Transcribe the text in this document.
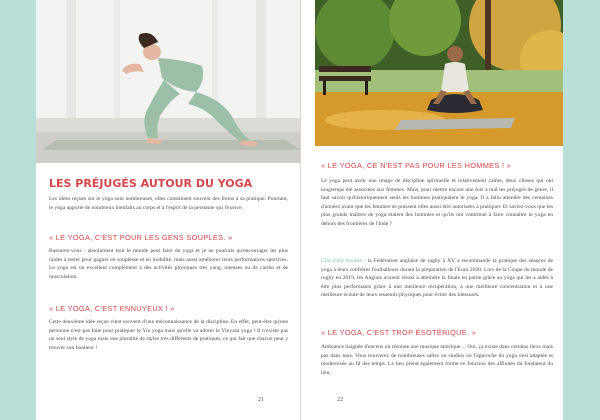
LES PRÉJUGÉS AUTOUR DU YOGA

Les idées reçues sur le yoga sont nombreuses, elles constituent souvent des freins à sa pratique. Pourtant, le yoga apporte de nombreux bienfaits au corps et à l'esprit de la personne qui l'exerce.

« LE YOGA, C'EST POUR LES GENS SOUPLES. »

Rassurez-vous : absolument tout le monde peut faire du yoga et je ne pourrais qu'encourager les plus raides à tester pour gagner en souplesse et en mobilité, mais aussi améliorer leurs performances sportives. Le yoga est un excellent complément à des activités physiques très yang, intenses ou de cardio et de musculation.

« LE YOGA, C'EST ENNUYEUX ! »

Cette deuxième idée reçue vient souvent d'une méconnaissance de la discipline. En effet, peut-être qu'une personne n'est pas faite pour pratiquer le Yin yoga mais qu'elle va adorer le Vinyasa yoga ! Il n'existe pas un seul style de yoga mais une pluralité de styles très différents de pratiques, ce qui fait que chacun peut y trouver son bonheur !

21
« LE YOGA, CE N'EST PAS POUR LES HOMMES ! »

Le yoga peut avoir une image de discipline spirituelle et relativement calme, deux choses qui ont longtemps été associées aux femmes. Mais, pour mettre encore une fois à mal les préjugés de genre, il faut savoir qu'historiquement seuls les hommes pratiquaient le yoga. Il a fallu attendre des centaines d'années avant que les femmes ne puissent elles aussi être autorisées à pratiquer. Et saviez-vous que les plus grands maîtres de yoga étaient des hommes et qu'ils ont contribué à faire connaître le yoga en dehors des frontières de l'Inde ?

Clin d'œil insolite : la Fédération anglaise de rugby à XV a recommandé la pratique des séances de yoga à leurs confrères footballeurs durant la préparation de l'Euro 2020. Lors de la Coupe du monde de rugby en 2019, les Anglais avaient réussi à atteindre la finale en partie grâce au yoga qui les a aidés à être plus performants grâce à une meilleure récupération, à une meilleure concentration et à une meilleure écoute de leurs ressentis physiques pour éviter des blessures.

« LE YOGA, C'EST TROP ÉSOTÉRIQUE. »

Ambiance baignée d'encens où résonne une musique tantrique… Oui, ça existe dans certains lieux mais pas dans tous. Vous trouverez de nombreuses salles ou studios où l'approche du yoga s'est adaptée et modernisée au fil des temps. Le lieu prend également forme en fonction des affinités du fondateur du lieu.

22
